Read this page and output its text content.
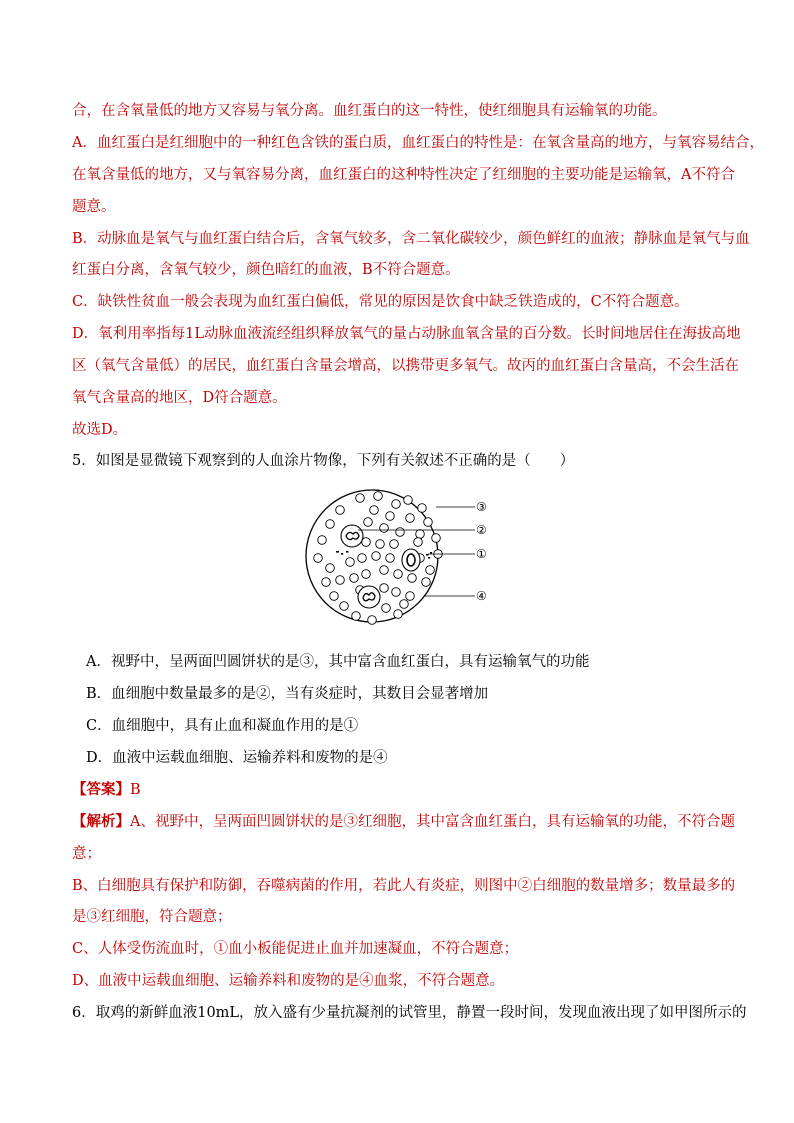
合，在含氧量低的地方又容易与氧分离。血红蛋白的这一特性，使红细胞具有运输氧的功能。
A．血红蛋白是红细胞中的一种红色含铁的蛋白质，血红蛋白的特性是：在氧含量高的地方，与氧容易结合，
在氧含量低的地方，又与氧容易分离，血红蛋白的这种特性决定了红细胞的主要功能是运输氧，A不符合
题意。
B．动脉血是氧气与血红蛋白结合后，含氧气较多，含二氧化碳较少，颜色鲜红的血液；静脉血是氧气与血
红蛋白分离，含氧气较少，颜色暗红的血液，B不符合题意。
C．缺铁性贫血一般会表现为血红蛋白偏低，常见的原因是饮食中缺乏铁造成的，C不符合题意。
D．氧利用率指每1L动脉血液流经组织释放氧气的量占动脉血氧含量的百分数。长时间地居住在海拔高地
区（氧气含量低）的居民，血红蛋白含量会增高，以携带更多氧气。故丙的血红蛋白含量高，不会生活在
氧气含量高的地区，D符合题意。
故选D。
5．如图是显微镜下观察到的人血涂片物像，下列有关叙述不正确的是（　　）
③
②
①
④
A．视野中，呈两面凹圆饼状的是③，其中富含血红蛋白，具有运输氧气的功能
B．血细胞中数量最多的是②，当有炎症时，其数目会显著增加
C．血细胞中，具有止血和凝血作用的是①
D．血液中运载血细胞、运输养料和废物的是④
【答案】B
【解析】A、视野中，呈两面凹圆饼状的是③红细胞，其中富含血红蛋白，具有运输氧的功能，不符合题
意；
B、白细胞具有保护和防御，吞噬病菌的作用，若此人有炎症，则图中②白细胞的数量增多；数量最多的
是③红细胞，符合题意；
C、人体受伤流血时，①血小板能促进止血并加速凝血，不符合题意；
D、血液中运载血细胞、运输养料和废物的是④血浆，不符合题意。
6．取鸡的新鲜血液10mL，放入盛有少量抗凝剂的试管里，静置一段时间，发现血液出现了如甲图所示的
